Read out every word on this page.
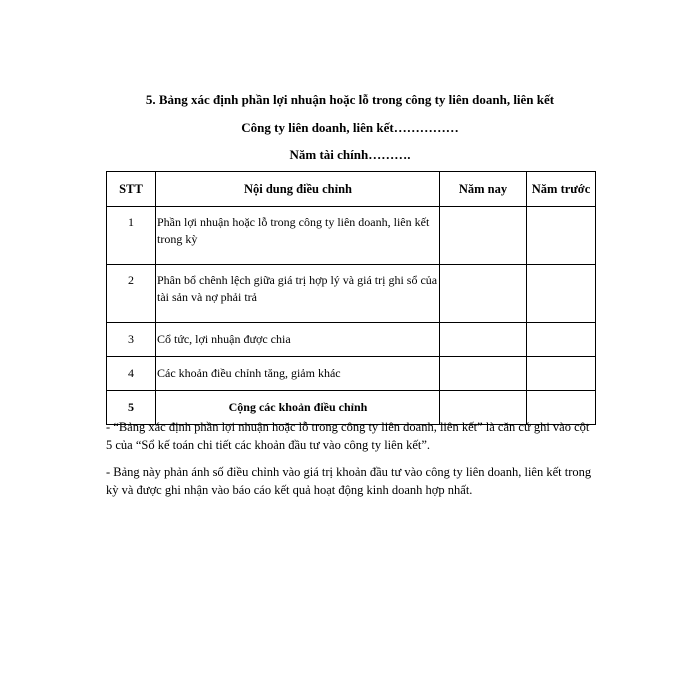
5. Bảng xác định phần lợi nhuận hoặc lỗ trong công ty liên doanh, liên kết
Công ty liên doanh, liên kết……………
Năm tài chính……….
STT	Nội dung điều chỉnh	Năm nay	Năm trước
1	Phần lợi nhuận hoặc lỗ trong công ty liên doanh, liên kết trong kỳ		
2	Phân bổ chênh lệch giữa giá trị hợp lý và giá trị ghi sổ của tài sản và nợ phải trả		
3	Cổ tức, lợi nhuận được chia		
4	Các khoản điều chỉnh tăng, giảm khác		
5	Cộng các khoản điều chỉnh		
- “Bảng xác định phần lợi nhuận hoặc lỗ trong công ty liên doanh, liên kết” là căn cứ ghi vào cột 5 của “Sổ kế toán chi tiết các khoản đầu tư vào công ty liên kết”.
- Bảng này phản ánh số điều chỉnh vào giá trị khoản đầu tư vào công ty liên doanh, liên kết trong kỳ và được ghi nhận vào báo cáo kết quả hoạt động kinh doanh hợp nhất.
